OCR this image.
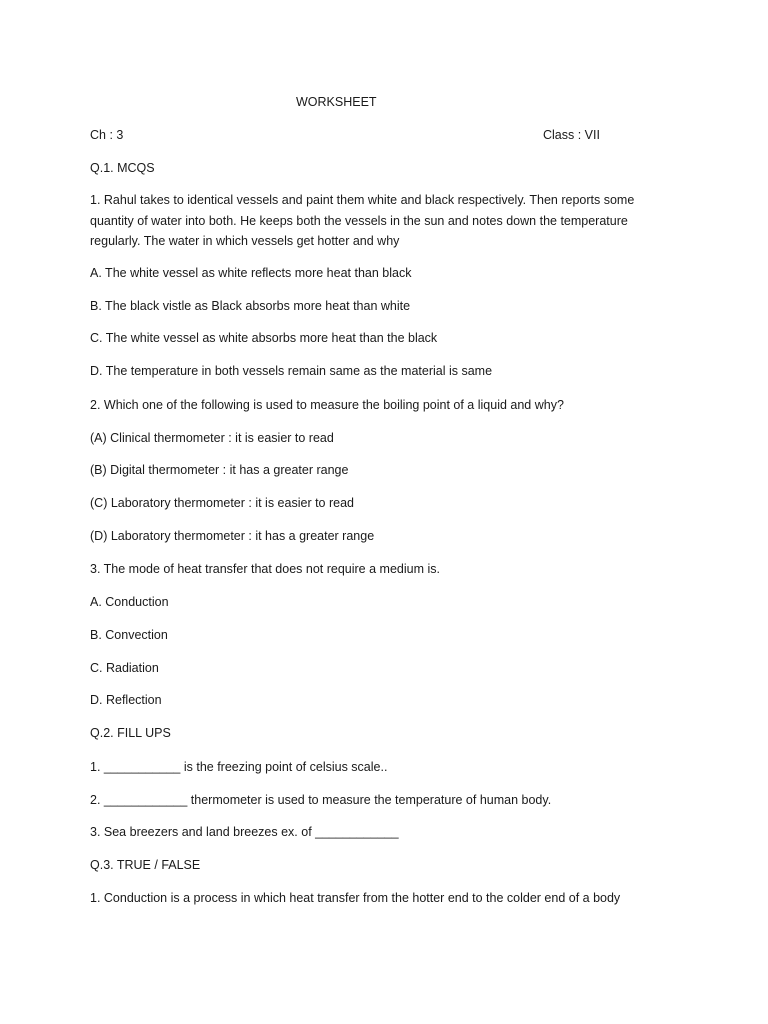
WORKSHEET
Ch : 3	Class : VII
Q.1. MCQS
1. Rahul takes to identical vessels and paint them white and black respectively. Then reports some quantity of water into both. He keeps both the vessels in the sun and notes down the temperature regularly. The water in which vessels get hotter and why
A. The white vessel as white reflects more heat than black
B. The black vistle as Black absorbs more heat than white
C. The white vessel as white absorbs more heat than the black
D. The temperature in both vessels remain same as the material is same
2. Which one of the following is used to measure the boiling point of a liquid and why?
(A) Clinical thermometer : it is easier to read
(B) Digital thermometer : it has a greater range
(C) Laboratory thermometer : it is easier to read
(D) Laboratory thermometer : it has a greater range
3. The mode of heat transfer that does not require a medium is.
A. Conduction
B. Convection
C. Radiation
D. Reflection
Q.2. FILL UPS
1. ___________ is the freezing point of celsius scale..
2. ____________ thermometer is used to measure the temperature of human body.
3. Sea breezers and land breezes ex. of ____________
Q.3. TRUE / FALSE
1. Conduction is a process in which heat transfer from the hotter end to the colder end of a body
